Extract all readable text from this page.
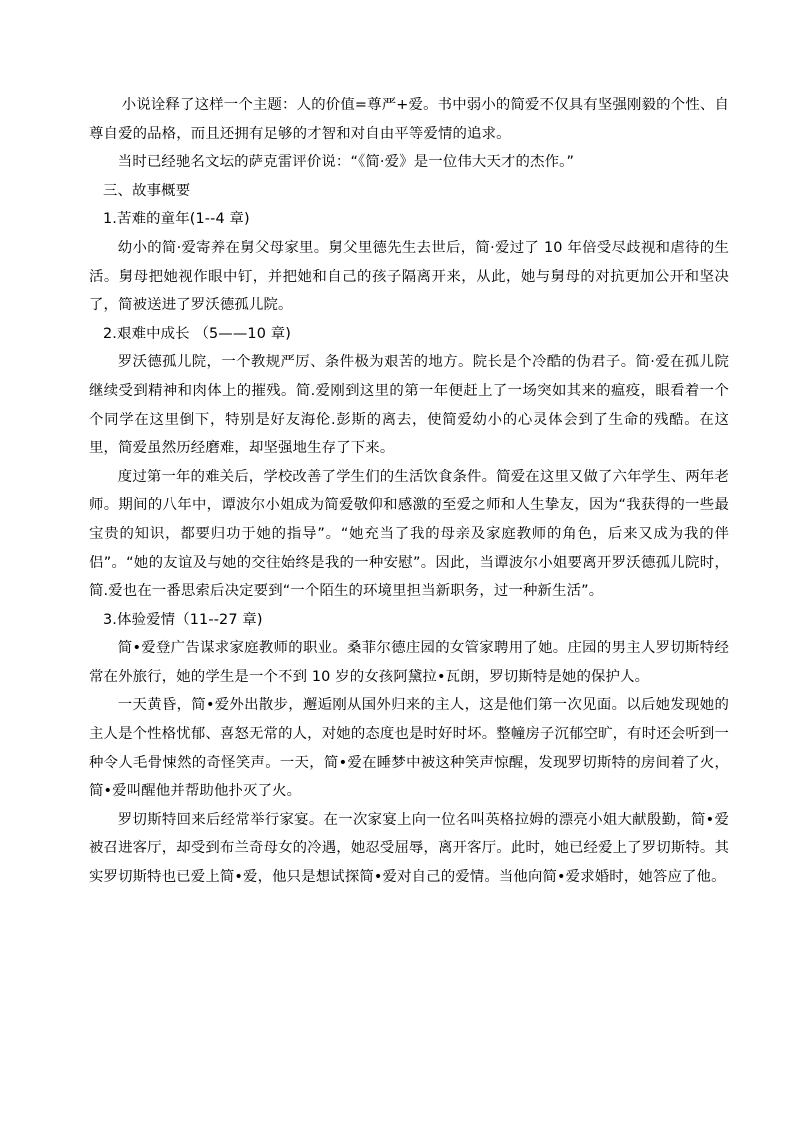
小说诠释了这样一个主题：人的价值=尊严+爱。书中弱小的简爱不仅具有坚强刚毅的个性、自尊自爱的品格，而且还拥有足够的才智和对自由平等爱情的追求。

当时已经驰名文坛的萨克雷评价说：“《简·爱》是一位伟大天才的杰作。”

三、故事概要

1.苦难的童年(1--4 章)

幼小的简·爱寄养在舅父母家里。舅父里德先生去世后，简·爱过了 10 年倍受尽歧视和虐待的生活。舅母把她视作眼中钉，并把她和自己的孩子隔离开来，从此，她与舅母的对抗更加公开和坚决了，简被送进了罗沃德孤儿院。

2.艰难中成长 （5——10 章)

罗沃德孤儿院，一个教规严厉、条件极为艰苦的地方。院长是个冷酷的伪君子。简·爱在孤儿院继续受到精神和肉体上的摧残。简.爱刚到这里的第一年便赶上了一场突如其来的瘟疫，眼看着一个个同学在这里倒下，特别是好友海伦.彭斯的离去，使简爱幼小的心灵体会到了生命的残酷。在这里，简爱虽然历经磨难，却坚强地生存了下来。

度过第一年的难关后，学校改善了学生们的生活饮食条件。简爱在这里又做了六年学生、两年老师。期间的八年中，谭波尔小姐成为简爱敬仰和感激的至爱之师和人生挚友，因为“我获得的一些最宝贵的知识，都要归功于她的指导”。“她充当了我的母亲及家庭教师的角色，后来又成为我的伴侣”。“她的友谊及与她的交往始终是我的一种安慰”。因此，当谭波尔小姐要离开罗沃德孤儿院时，简.爱也在一番思索后决定要到“一个陌生的环境里担当新职务，过一种新生活”。

3.体验爱情（11--27 章)

简•爱登广告谋求家庭教师的职业。桑菲尔德庄园的女管家聘用了她。庄园的男主人罗切斯特经常在外旅行，她的学生是一个不到 10 岁的女孩阿黛拉•瓦朗，罗切斯特是她的保护人。

一天黄昏，简•爱外出散步，邂逅刚从国外归来的主人，这是他们第一次见面。以后她发现她的主人是个性格忧郁、喜怒无常的人，对她的态度也是时好时坏。整幢房子沉郁空旷，有时还会听到一种令人毛骨悚然的奇怪笑声。一天，简•爱在睡梦中被这种笑声惊醒，发现罗切斯特的房间着了火，简•爱叫醒他并帮助他扑灭了火。

罗切斯特回来后经常举行家宴。在一次家宴上向一位名叫英格拉姆的漂亮小姐大献殷勤，简•爱被召进客厅，却受到布兰奇母女的冷遇，她忍受屈辱，离开客厅。此时，她已经爱上了罗切斯特。其实罗切斯特也已爱上简•爱，他只是想试探简•爱对自己的爱情。当他向简•爱求婚时，她答应了他。
